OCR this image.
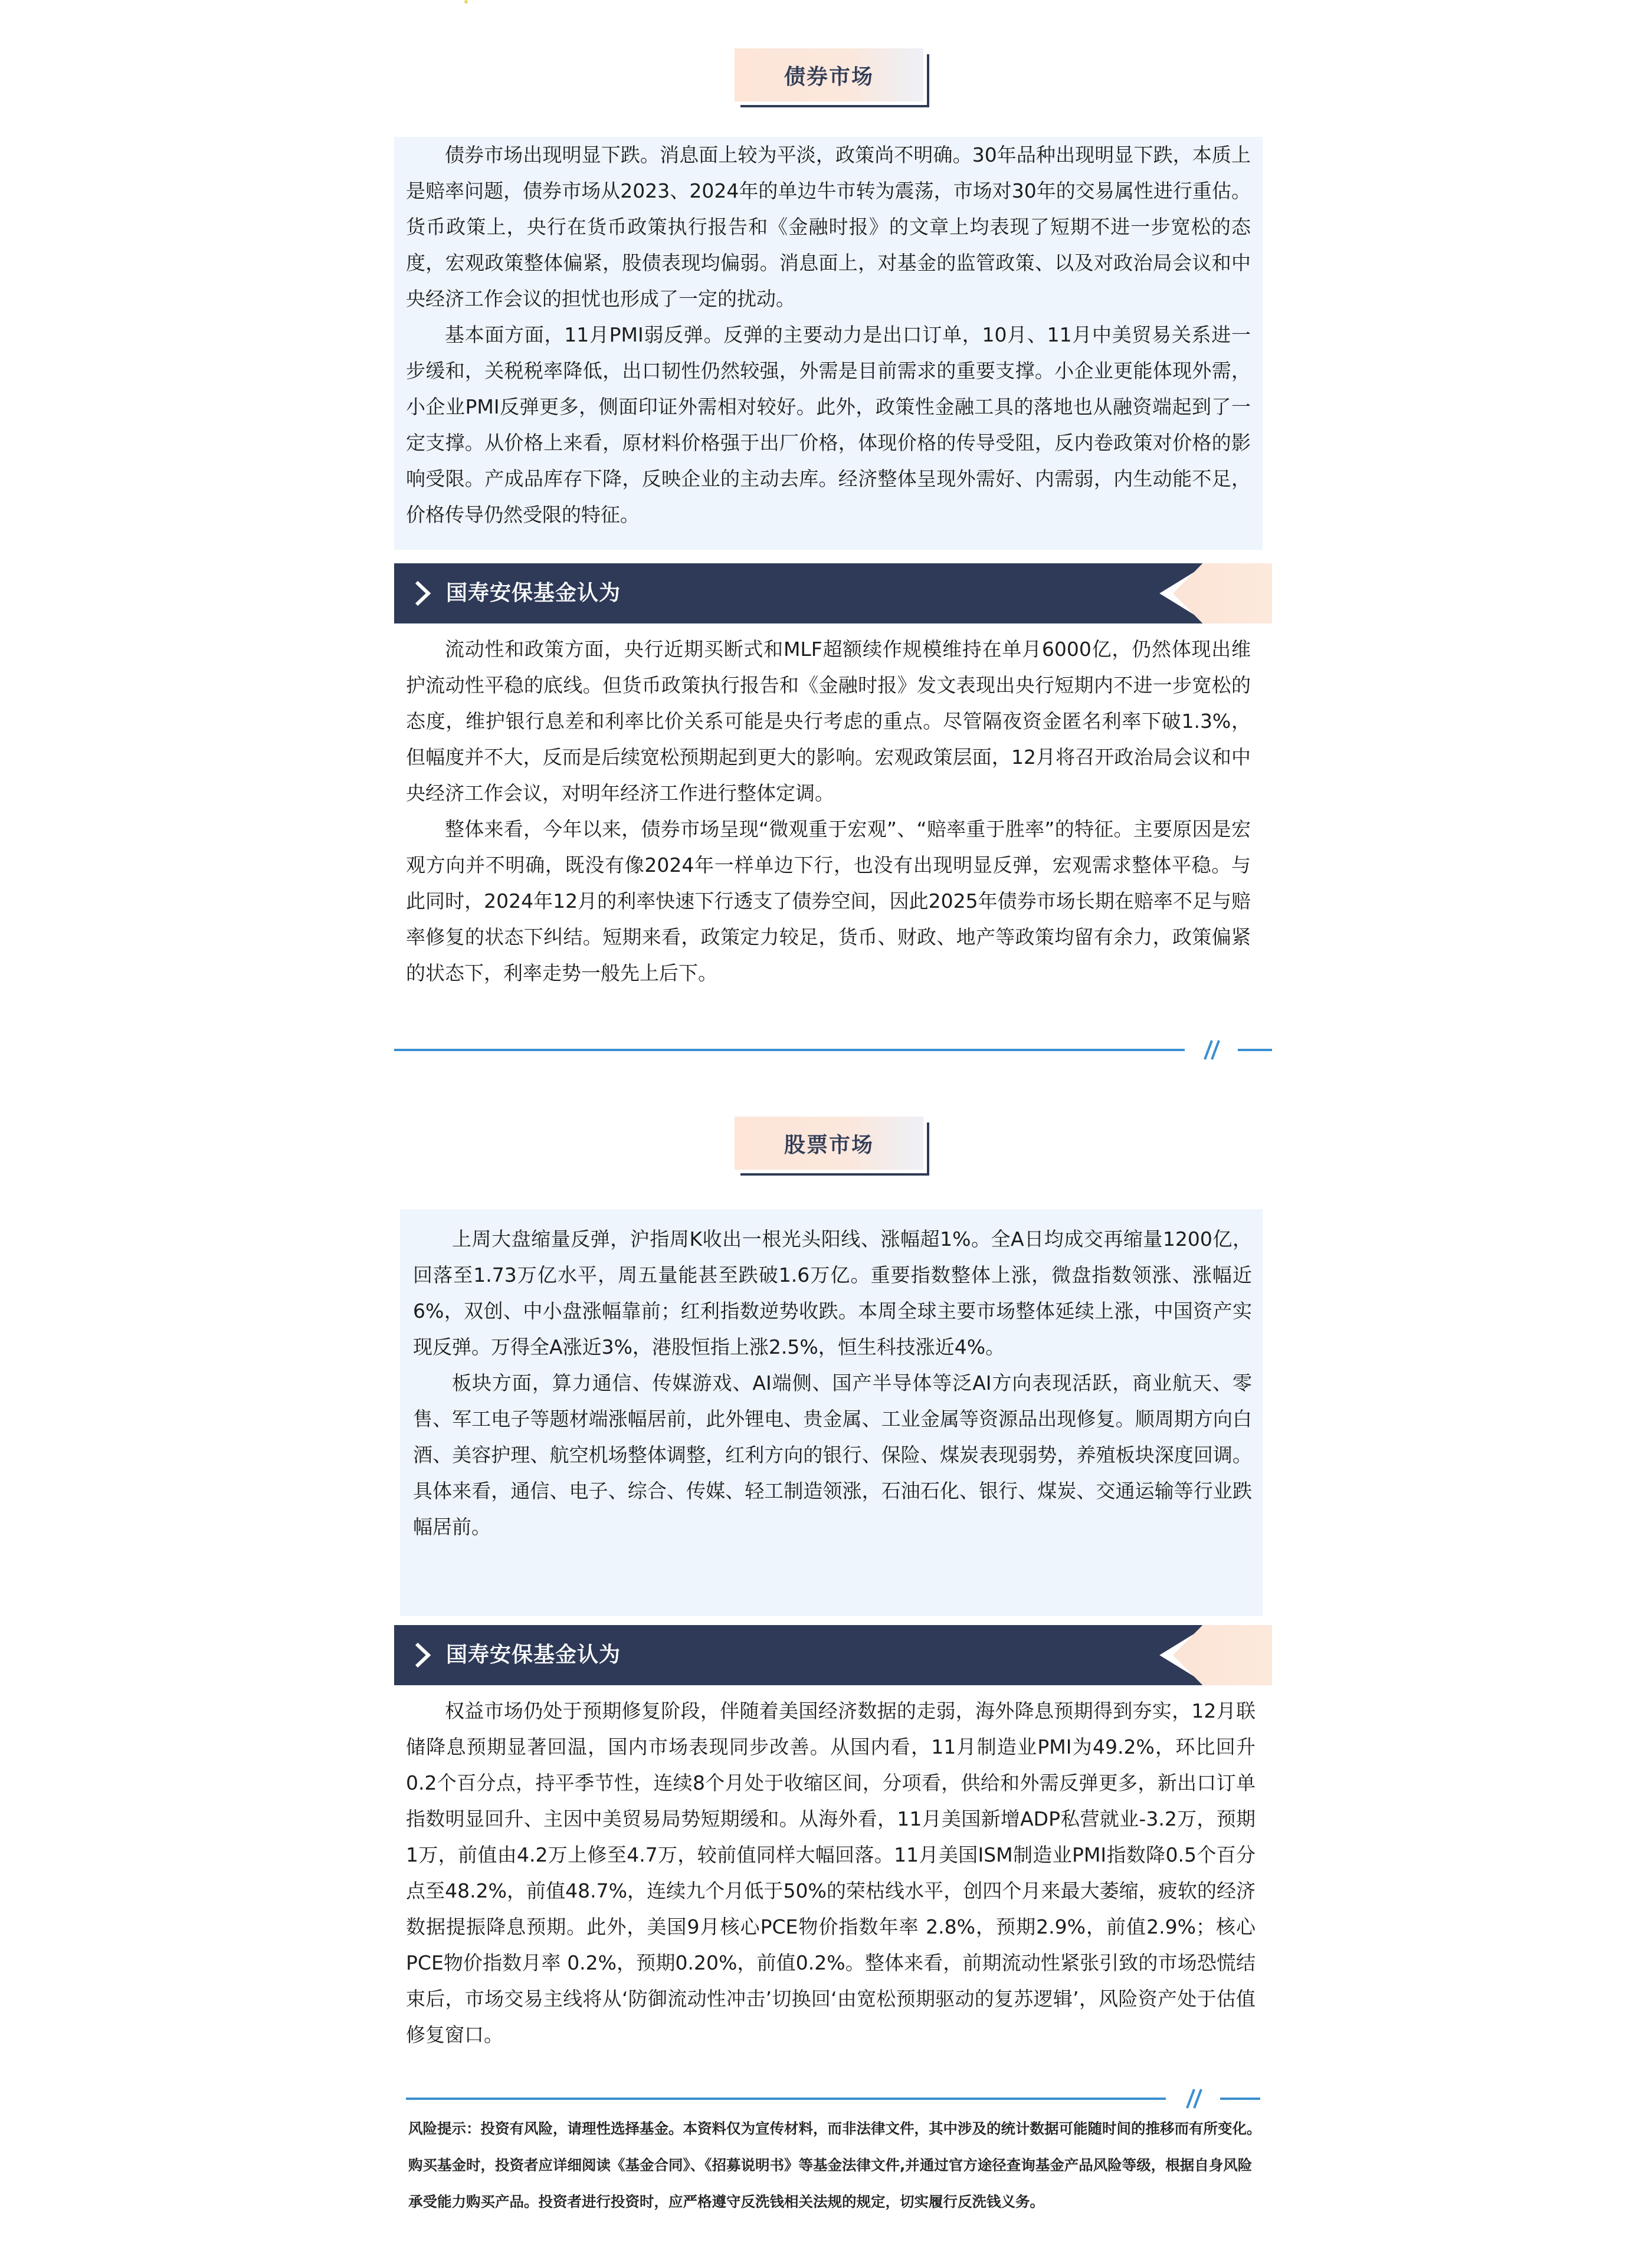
债券市场

债券市场出现明显下跌。消息面上较为平淡，政策尚不明确。30年品种出现明显下跌，本质上是赔率问题，债券市场从2023、2024年的单边牛市转为震荡，市场对30年的交易属性进行重估。货币政策上，央行在货币政策执行报告和《金融时报》的文章上均表现了短期不进一步宽松的态度，宏观政策整体偏紧，股债表现均偏弱。消息面上，对基金的监管政策、以及对政治局会议和中央经济工作会议的担忧也形成了一定的扰动。

基本面方面，11月PMI弱反弹。反弹的主要动力是出口订单，10月、11月中美贸易关系进一步缓和，关税税率降低，出口韧性仍然较强，外需是目前需求的重要支撑。小企业更能体现外需，小企业PMI反弹更多，侧面印证外需相对较好。此外，政策性金融工具的落地也从融资端起到了一定支撑。从价格上来看，原材料价格强于出厂价格，体现价格的传导受阻，反内卷政策对价格的影响受限。产成品库存下降，反映企业的主动去库。经济整体呈现外需好、内需弱，内生动能不足，价格传导仍然受限的特征。

国寿安保基金认为

流动性和政策方面，央行近期买断式和MLF超额续作规模维持在单月6000亿，仍然体现出维护流动性平稳的底线。但货币政策执行报告和《金融时报》发文表现出央行短期内不进一步宽松的态度，维护银行息差和利率比价关系可能是央行考虑的重点。尽管隔夜资金匿名利率下破1.3%，但幅度并不大，反而是后续宽松预期起到更大的影响。宏观政策层面，12月将召开政治局会议和中央经济工作会议，对明年经济工作进行整体定调。

整体来看，今年以来，债券市场呈现“微观重于宏观”、“赔率重于胜率”的特征。主要原因是宏观方向并不明确，既没有像2024年一样单边下行，也没有出现明显反弹，宏观需求整体平稳。与此同时，2024年12月的利率快速下行透支了债券空间，因此2025年债券市场长期在赔率不足与赔率修复的状态下纠结。短期来看，政策定力较足，货币、财政、地产等政策均留有余力，政策偏紧的状态下，利率走势一般先上后下。

股票市场

上周大盘缩量反弹，沪指周K收出一根光头阳线、涨幅超1%。全A日均成交再缩量1200亿，回落至1.73万亿水平，周五量能甚至跌破1.6万亿。重要指数整体上涨，微盘指数领涨、涨幅近6%，双创、中小盘涨幅靠前；红利指数逆势收跌。本周全球主要市场整体延续上涨，中国资产实现反弹。万得全A涨近3%，港股恒指上涨2.5%，恒生科技涨近4%。

板块方面，算力通信、传媒游戏、AI端侧、国产半导体等泛AI方向表现活跃，商业航天、零售、军工电子等题材端涨幅居前，此外锂电、贵金属、工业金属等资源品出现修复。顺周期方向白酒、美容护理、航空机场整体调整，红利方向的银行、保险、煤炭表现弱势，养殖板块深度回调。具体来看，通信、电子、综合、传媒、轻工制造领涨，石油石化、银行、煤炭、交通运输等行业跌幅居前。

国寿安保基金认为

权益市场仍处于预期修复阶段，伴随着美国经济数据的走弱，海外降息预期得到夯实，12月联储降息预期显著回温，国内市场表现同步改善。从国内看，11月制造业PMI为49.2%，环比回升0.2个百分点，持平季节性，连续8个月处于收缩区间，分项看，供给和外需反弹更多，新出口订单指数明显回升、主因中美贸易局势短期缓和。从海外看，11月美国新增ADP私营就业-3.2万，预期1万，前值由4.2万上修至4.7万，较前值同样大幅回落。11月美国ISM制造业PMI指数降0.5个百分点至48.2%，前值48.7%，连续九个月低于50%的荣枯线水平，创四个月来最大萎缩，疲软的经济数据提振降息预期。此外，美国9月核心PCE物价指数年率 2.8%，预期2.9%，前值2.9%；核心PCE物价指数月率 0.2%，预期0.20%，前值0.2%。整体来看，前期流动性紧张引致的市场恐慌结束后，市场交易主线将从‘防御流动性冲击’切换回‘由宽松预期驱动的复苏逻辑’，风险资产处于估值修复窗口。

风险提示：投资有风险，请理性选择基金。本资料仅为宣传材料，而非法律文件，其中涉及的统计数据可能随时间的推移而有所变化。购买基金时，投资者应详细阅读《基金合同》、《招募说明书》等基金法律文件,并通过官方途径查询基金产品风险等级，根据自身风险承受能力购买产品。投资者进行投资时，应严格遵守反洗钱相关法规的规定，切实履行反洗钱义务。
